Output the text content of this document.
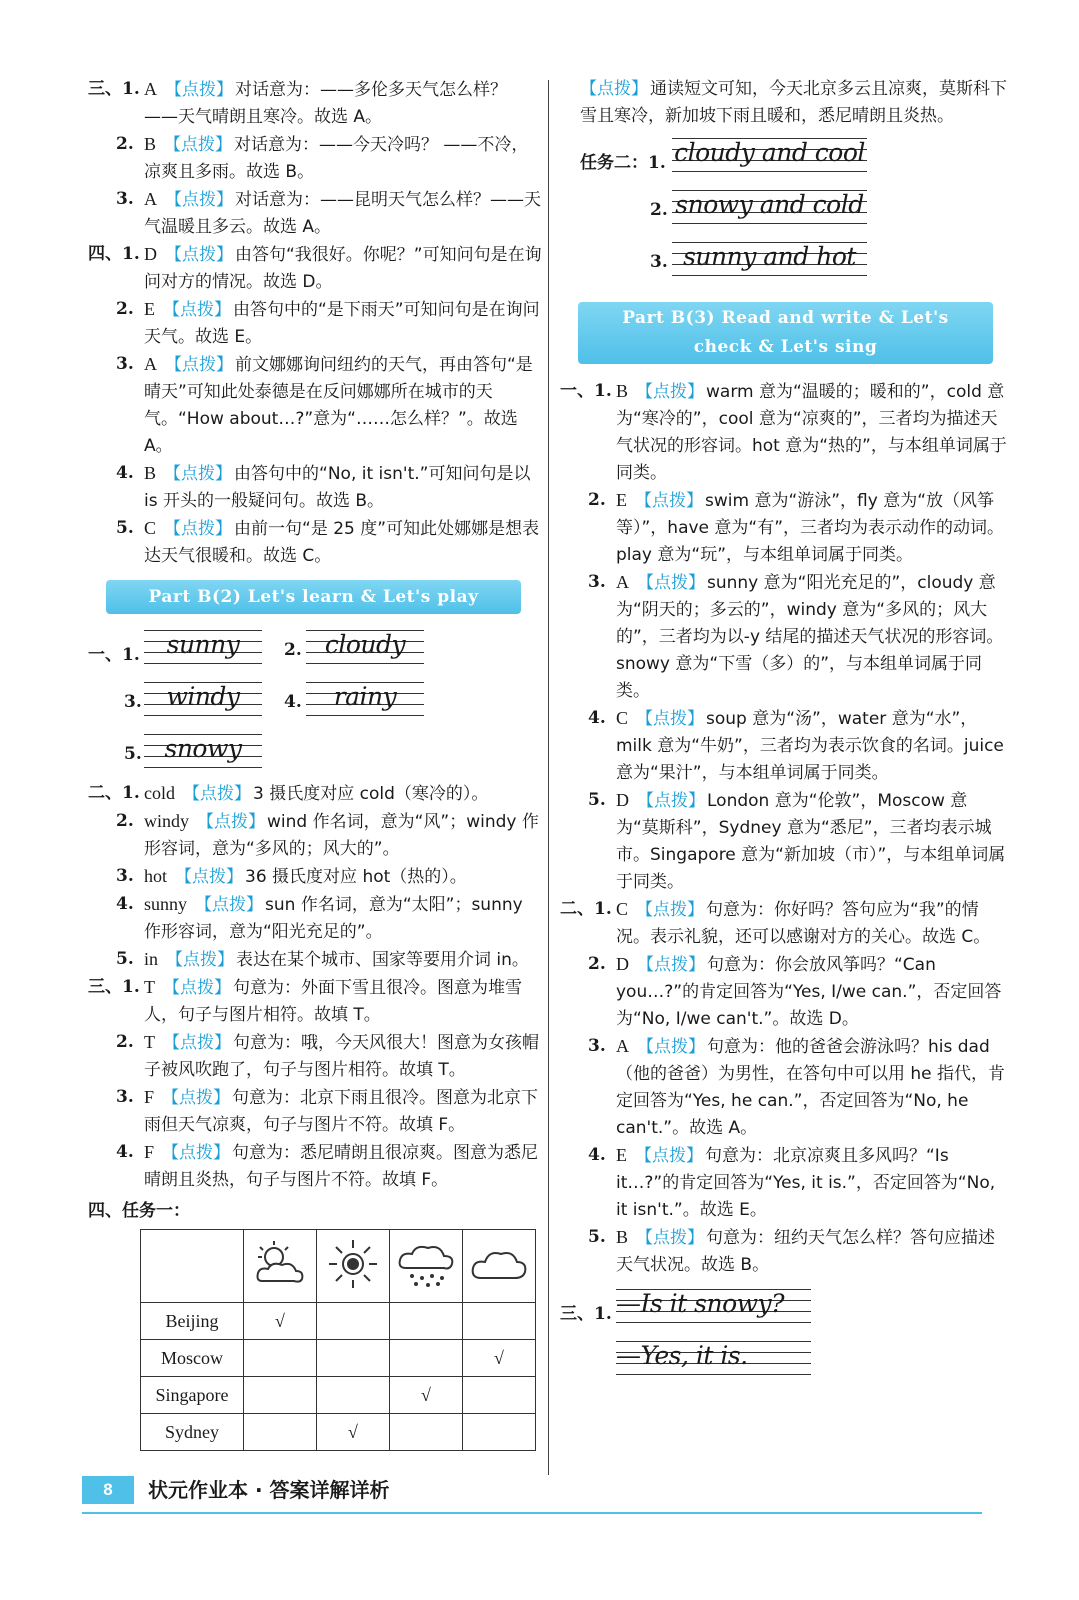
三、1. A 【点拨】 对话意为：——多伦多天气怎么样？ ——天气晴朗且寒冷。故选 A。
2. B 【点拨】 对话意为：——今天冷吗？ ——不冷，凉爽且多雨。故选 B。
3. A 【点拨】 对话意为：——昆明天气怎么样？——天气温暖且多云。故选 A。
四、1. D 【点拨】 由答句“我很好。你呢？”可知问句是在询问对方的情况。故选 D。
2. E 【点拨】 由答句中的“是下雨天”可知问句是在询问天气。故选 E。
3. A 【点拨】 前文娜娜询问纽约的天气，再由答句“是晴天”可知此处泰德是在反问娜娜所在城市的天气。“How about…?”意为“……怎么样？”。故选 A。
4. B 【点拨】 由答句中的“No, it isn't.”可知问句是以 is 开头的一般疑问句。故选 B。
5. C 【点拨】 由前一句“是 25 度”可知此处娜娜是想表达天气很暖和。故选 C。
Part B(2) Let's learn & Let's play
一、1.	sunny	2. cloudy
3. windy	4.	rainy
5. snowy
二、1. cold 【点拨】 3 摄氏度对应 cold（寒冷的）。
2. windy 【点拨】 wind 作名词，意为“风”；windy 作形容词，意为“多风的；风大的”。
3. hot 【点拨】 36 摄氏度对应 hot（热的）。
4. sunny 【点拨】 sun 作名词，意为“太阳”；sunny 作形容词，意为“阳光充足的”。
5. in 【点拨】 表达在某个城市、国家等要用介词 in。
三、1. T 【点拨】 句意为：外面下雪且很冷。图意为堆雪人，句子与图片相符。故填 T。
2. T 【点拨】 句意为：哦，今天风很大！图意为女孩帽子被风吹跑了，句子与图片相符。故填 T。
3. F 【点拨】 句意为：北京下雨且很冷。图意为北京下雨但天气凉爽，句子与图片不符。故填 F。
4. F 【点拨】 句意为：悉尼晴朗且很凉爽。图意为悉尼晴朗且炎热，句子与图片不符。故填 F。
四、任务一：

Beijing	√			
Moscow				√
Singapore			√	
Sydney		√		
【点拨】 通读短文可知，今天北京多云且凉爽，莫斯科下雪且寒冷，新加坡下雨且暖和，悉尼晴朗且炎热。
任务二：1. cloudy and cool
2. snowy and cold
3. sunny and hot
Part B(3) Read and write & Let's
check & Let's sing
一、1. B 【点拨】 warm 意为“温暖的；暖和的”，cold 意为“寒冷的”，cool 意为“凉爽的”，三者均为描述天气状况的形容词。hot 意为“热的”，与本组单词属于同类。
2. E 【点拨】 swim 意为“游泳”，fly 意为“放（风筝等）”，have 意为“有”，三者均为表示动作的动词。play 意为“玩”，与本组单词属于同类。
3. A 【点拨】 sunny 意为“阳光充足的”，cloudy 意为“阴天的；多云的”，windy 意为“多风的；风大的”，三者均为以-y 结尾的描述天气状况的形容词。snowy 意为“下雪（多）的”，与本组单词属于同类。
4. C 【点拨】 soup 意为“汤”，water 意为“水”，milk 意为“牛奶”，三者均为表示饮食的名词。juice 意为“果汁”，与本组单词属于同类。
5. D 【点拨】 London 意为“伦敦”，Moscow 意为“莫斯科”，Sydney 意为“悉尼”，三者均表示城市。Singapore 意为“新加坡（市）”，与本组单词属于同类。
二、1. C 【点拨】 句意为：你好吗？答句应为“我”的情况。表示礼貌，还可以感谢对方的关心。故选 C。
2. D 【点拨】 句意为：你会放风筝吗？“Can you…?”的肯定回答为“Yes, I/we can.”，否定回答为“No, I/we can't.”。故选 D。
3. A 【点拨】 句意为：他的爸爸会游泳吗？his dad（他的爸爸）为男性，在答句中可以用 he 指代，肯定回答为“Yes, he can.”，否定回答为“No, he can't.”。故选 A。
4. E 【点拨】 句意为：北京凉爽且多风吗？“Is it…?”的肯定回答为“Yes, it is.”，否定回答为“No, it isn't.”。故选 E。
5. B 【点拨】 句意为：纽约天气怎么样？答句应描述天气状况。故选 B。
三、1. —Is it snowy?
—Yes, it is.
8	状元作业本 · 答案详解详析
